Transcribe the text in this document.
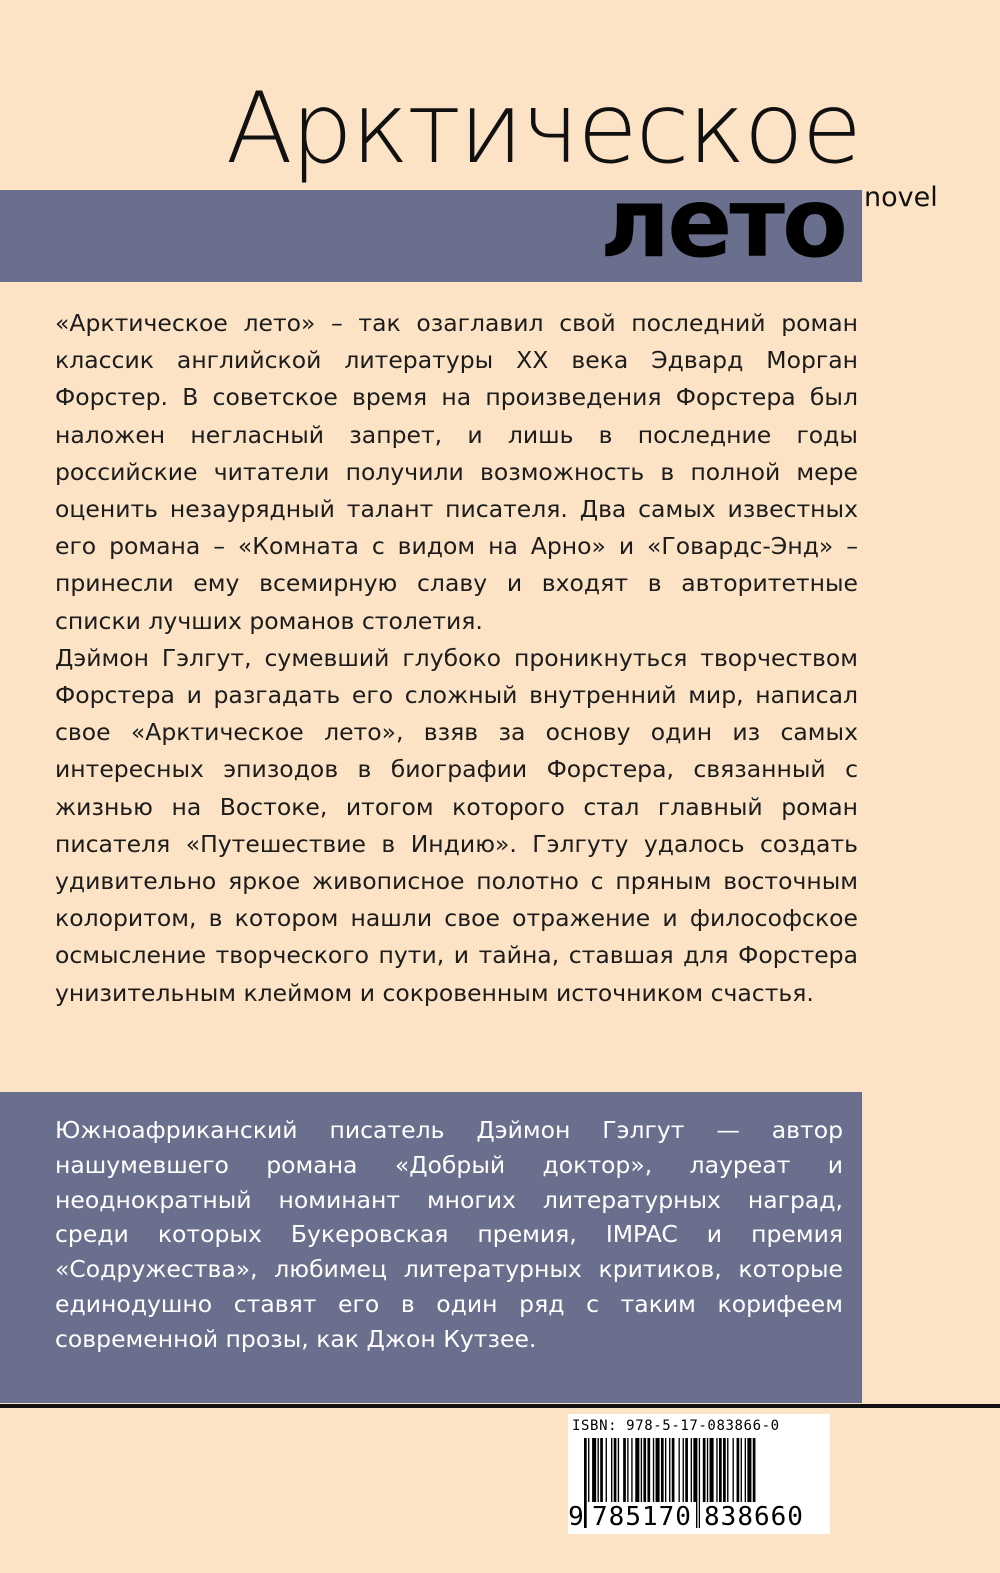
Арктическое
лето novel

«Арктическое лето» – так озаглавил свой последний роман классик английской литературы XX века Эдвард Морган Форстер. В советское время на произведения Форстера был наложен негласный запрет, и лишь в последние годы российские читатели получили возможность в полной мере оценить незаурядный талант писателя. Два самых известных его романа – «Комната с видом на Арно» и «Говардс-Энд» – принесли ему всемирную славу и входят в авторитетные списки лучших романов столетия.

Дэймон Гэлгут, сумевший глубоко проникнуться творчеством Форстера и разгадать его сложный внутренний мир, написал свое «Арктическое лето», взяв за основу один из самых интересных эпизодов в биографии Форстера, связанный с жизнью на Востоке, итогом которого стал главный роман писателя «Путешествие в Индию». Гэлгуту удалось создать удивительно яркое живописное полотно с пряным восточным колоритом, в котором нашли свое отражение и философское осмысление творческого пути, и тайна, ставшая для Форстера унизительным клеймом и сокровенным источником счастья.

Южноафриканский писатель Дэймон Гэлгут — автор нашумевшего романа «Добрый доктор», лауреат и неоднократный номинант многих литературных наград, среди которых Букеровская премия, IMPAC и премия «Содружества», любимец литературных критиков, которые единодушно ставят его в один ряд с таким корифеем современной прозы, как Джон Кутзее.

ISBN: 978-5-17-083866-0
9 785170 838660
